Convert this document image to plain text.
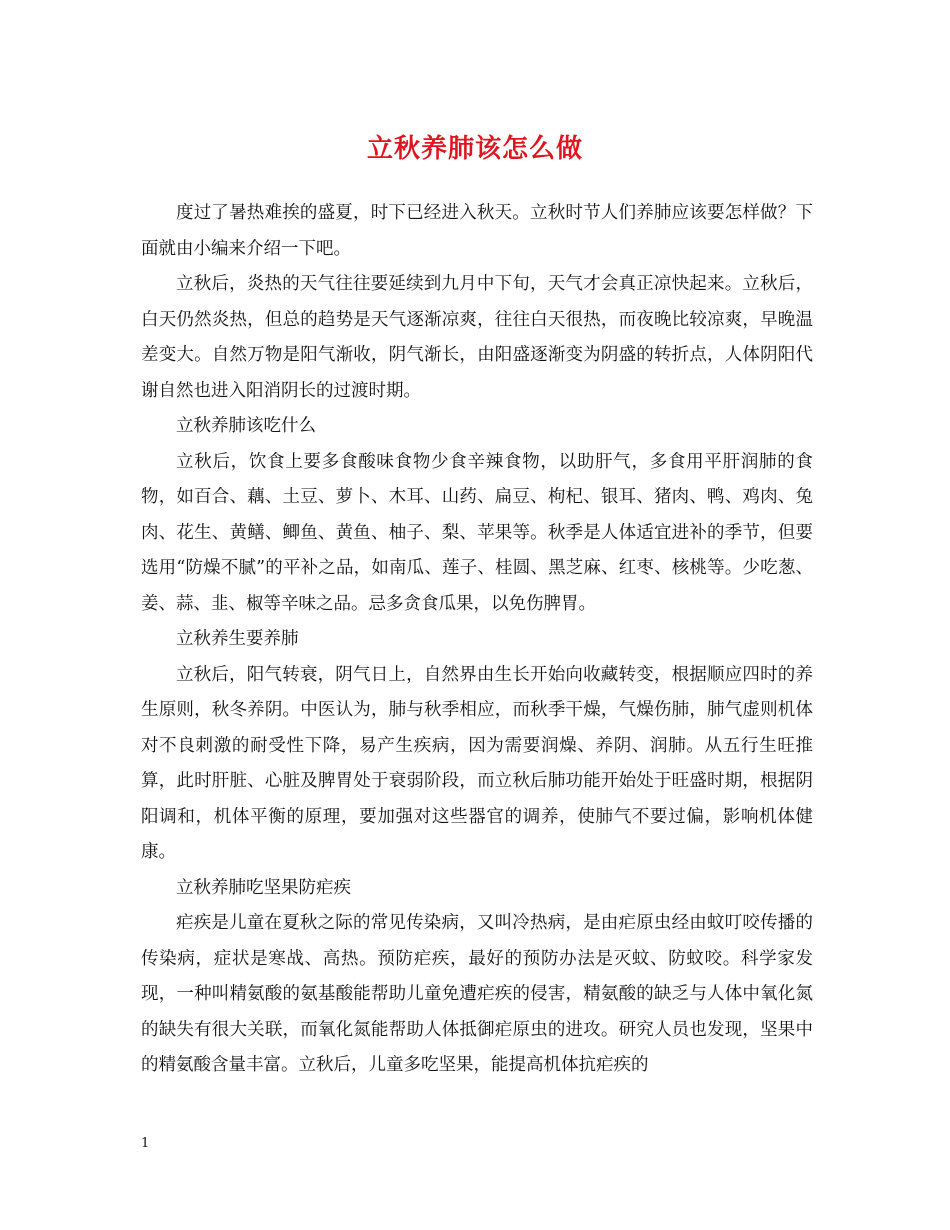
立秋养肺该怎么做

度过了暑热难挨的盛夏，时下已经进入秋天。立秋时节人们养肺应该要怎样做？下面就由小编来介绍一下吧。

立秋后，炎热的天气往往要延续到九月中下旬，天气才会真正凉快起来。立秋后，白天仍然炎热，但总的趋势是天气逐渐凉爽，往往白天很热，而夜晚比较凉爽，早晚温差变大。自然万物是阳气渐收，阴气渐长，由阳盛逐渐变为阴盛的转折点，人体阴阳代谢自然也进入阳消阴长的过渡时期。

立秋养肺该吃什么

立秋后，饮食上要多食酸味食物少食辛辣食物，以助肝气，多食用平肝润肺的食物，如百合、藕、土豆、萝卜、木耳、山药、扁豆、枸杞、银耳、猪肉、鸭、鸡肉、兔肉、花生、黄鳝、鲫鱼、黄鱼、柚子、梨、苹果等。秋季是人体适宜进补的季节，但要选用“防燥不腻”的平补之品，如南瓜、莲子、桂圆、黑芝麻、红枣、核桃等。少吃葱、姜、蒜、韭、椒等辛味之品。忌多贪食瓜果，以免伤脾胃。

立秋养生要养肺

立秋后，阳气转衰，阴气日上，自然界由生长开始向收藏转变，根据顺应四时的养生原则，秋冬养阴。中医认为，肺与秋季相应，而秋季干燥，气燥伤肺，肺气虚则机体对不良刺激的耐受性下降，易产生疾病，因为需要润燥、养阴、润肺。从五行生旺推算，此时肝脏、心脏及脾胃处于衰弱阶段，而立秋后肺功能开始处于旺盛时期，根据阴阳调和，机体平衡的原理，要加强对这些器官的调养，使肺气不要过偏，影响机体健康。

立秋养肺吃坚果防疟疾

疟疾是儿童在夏秋之际的常见传染病，又叫冷热病，是由疟原虫经由蚊叮咬传播的传染病，症状是寒战、高热。预防疟疾，最好的预防办法是灭蚊、防蚊咬。科学家发现，一种叫精氨酸的氨基酸能帮助儿童免遭疟疾的侵害，精氨酸的缺乏与人体中氧化氮的缺失有很大关联，而氧化氮能帮助人体抵御疟原虫的进攻。研究人员也发现，坚果中的精氨酸含量丰富。立秋后，儿童多吃坚果，能提高机体抗疟疾的

1
